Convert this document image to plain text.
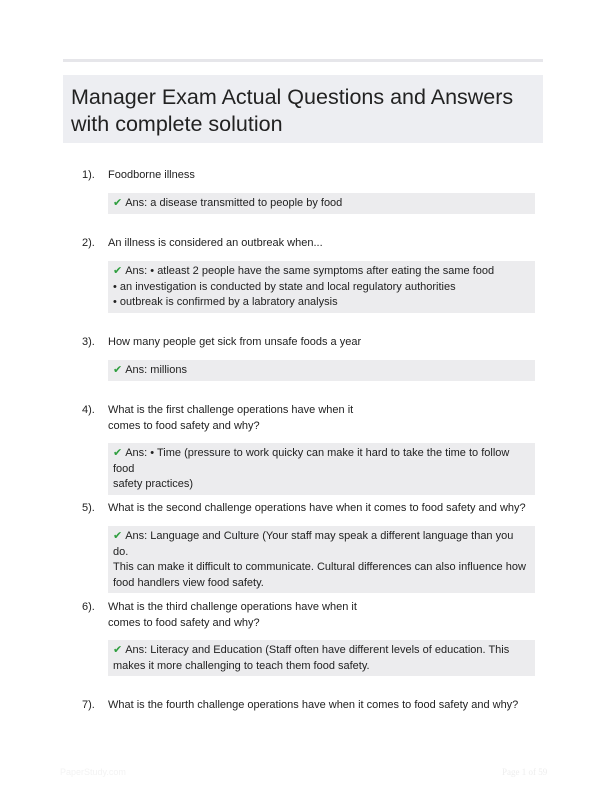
Manager Exam Actual Questions and Answers
with complete solution
1). Foodborne illness
✔ Ans: a disease transmitted to people by food
2). An illness is considered an outbreak when...
✔ Ans: • atleast 2 people have the same symptoms after eating the same food
• an investigation is conducted by state and local regulatory authorities
• outbreak is confirmed by a labratory analysis
3). How many people get sick from unsafe foods a year
✔ Ans: millions
4). What is the first challenge operations have when it
comes to food safety and why?
✔ Ans: • Time (pressure to work quicky can make it hard to take the time to follow food
safety practices)
5). What is the second challenge operations have when it comes to food safety and why?
✔ Ans: Language and Culture (Your staff may speak a different language than you do.
This can make it difficult to communicate. Cultural differences can also influence how
food handlers view food safety.
6). What is the third challenge operations have when it
comes to food safety and why?
✔ Ans: Literacy and Education (Staff often have different levels of education. This
makes it more challenging to teach them food safety.
7). What is the fourth challenge operations have when it comes to food safety and why?
PaperStudy.com	Page 1 of 59
